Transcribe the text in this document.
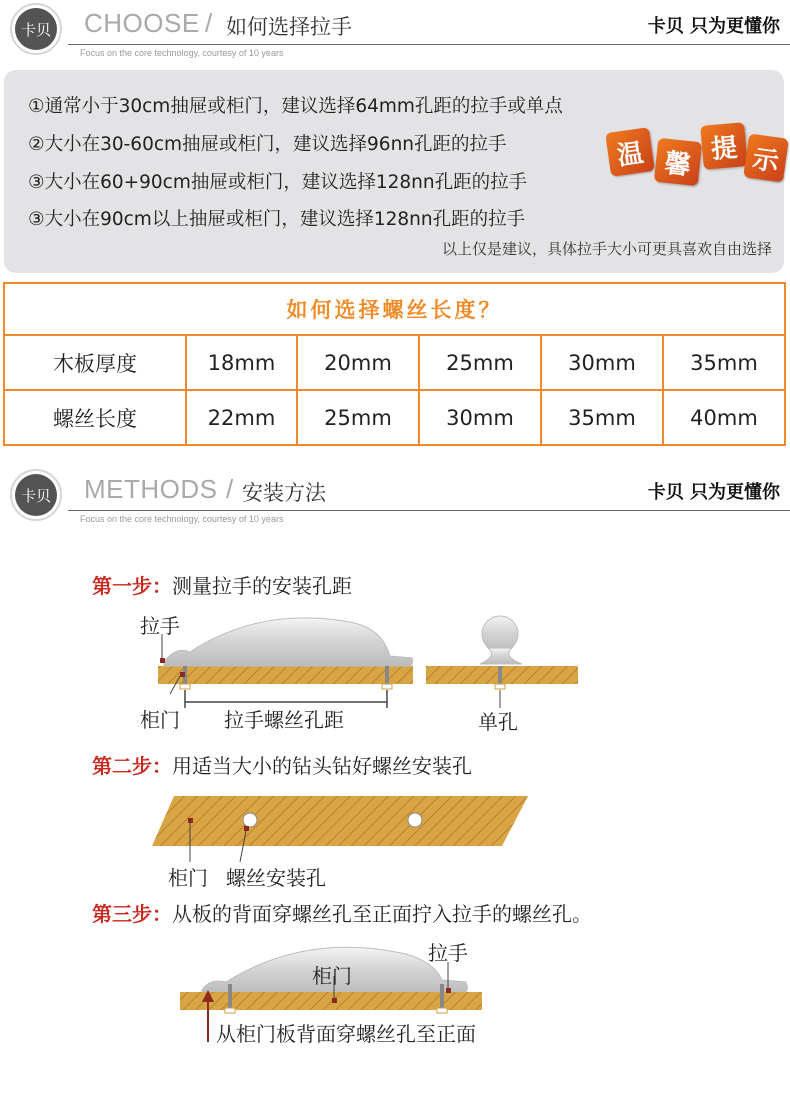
卡贝 CHOOSE / 如何选择拉手
Focus on the core technology, courtesy of 10 years
卡贝 只为更懂你
①通常小于30cm抽屉或柜门，建议选择64mm孔距的拉手或单点
②大小在30-60cm抽屉或柜门，建议选择96nn孔距的拉手
③大小在60+90cm抽屉或柜门，建议选择128nn孔距的拉手
③大小在90cm以上抽屉或柜门，建议选择128nn孔距的拉手
以上仅是建议，具体拉手大小可更具喜欢自由选择
温 馨 提 示
如何选择螺丝长度？
木板厚度	18mm	20mm	25mm	30mm	35mm
螺丝长度	22mm	25mm	30mm	35mm	40mm
卡贝 METHODS / 安装方法
Focus on the core technology, courtesy of 10 years
卡贝 只为更懂你
第一步：测量拉手的安装孔距
拉手
柜门 拉手螺丝孔距	单孔
第二步：用适当大小的钻头钻好螺丝安装孔
柜门 螺丝安装孔
第三步：从板的背面穿螺丝孔至正面拧入拉手的螺丝孔。
拉手
柜门
从柜门板背面穿螺丝孔至正面
